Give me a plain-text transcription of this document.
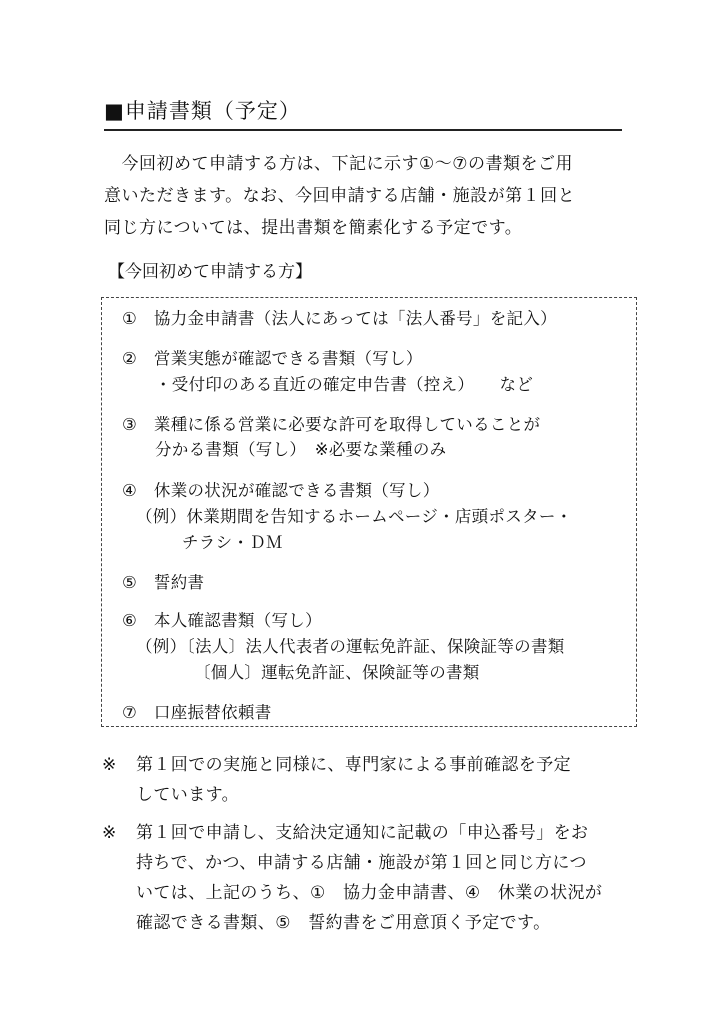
■申請書類（予定）
　今回初めて申請する方は、下記に示す①～⑦の書類をご用
意いただきます。なお、今回申請する店舗・施設が第１回と
同じ方については、提出書類を簡素化する予定です。
【今回初めて申請する方】
①　協力金申請書（法人にあっては「法人番号」を記入）
②　営業実態が確認できる書類（写し）
・受付印のある直近の確定申告書（控え）　　など
③　業種に係る営業に必要な許可を取得していることが
分かる書類（写し）　※必要な業種のみ
④　休業の状況が確認できる書類（写し）
（例）休業期間を告知するホームページ・店頭ポスター・
チラシ・ＤＭ
⑤　誓約書
⑥　本人確認書類（写し）
（例）〔法人〕法人代表者の運転免許証、保険証等の書類
〔個人〕運転免許証、保険証等の書類
⑦　口座振替依頼書
※ 第１回での実施と同様に、専門家による事前確認を予定
しています。
※ 第１回で申請し、支給決定通知に記載の「申込番号」をお
持ちで、かつ、申請する店舗・施設が第１回と同じ方につ
いては、上記のうち、①　協力金申請書、④　休業の状況が
確認できる書類、⑤　誓約書をご用意頂く予定です。
